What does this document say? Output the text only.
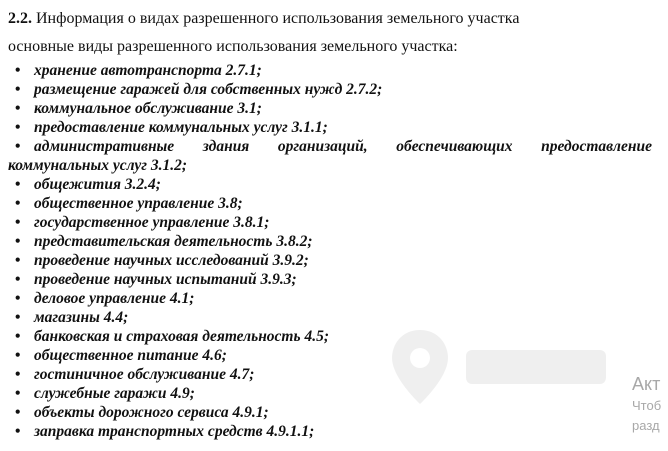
2.2. Информация о видах разрешенного использования земельного участка

основные виды разрешенного использования земельного участка:

• хранение автотранспорта 2.7.1;
• размещение гаражей для собственных нужд 2.7.2;
• коммунальное обслуживание 3.1;
• предоставление коммунальных услуг 3.1.1;
• административные здания организаций, обеспечивающих предоставление коммунальных услуг 3.1.2;
• общежития 3.2.4;
• общественное управление 3.8;
• государственное управление 3.8.1;
• представительская деятельность 3.8.2;
• проведение научных исследований 3.9.2;
• проведение научных испытаний 3.9.3;
• деловое управление 4.1;
• магазины 4.4;
• банковская и страховая деятельность 4.5;
• общественное питание 4.6;
• гостиничное обслуживание 4.7;
• служебные гаражи 4.9;
• объекты дорожного сервиса 4.9.1;
• заправка транспортных средств 4.9.1.1;
Акт
Чтоб
разд
